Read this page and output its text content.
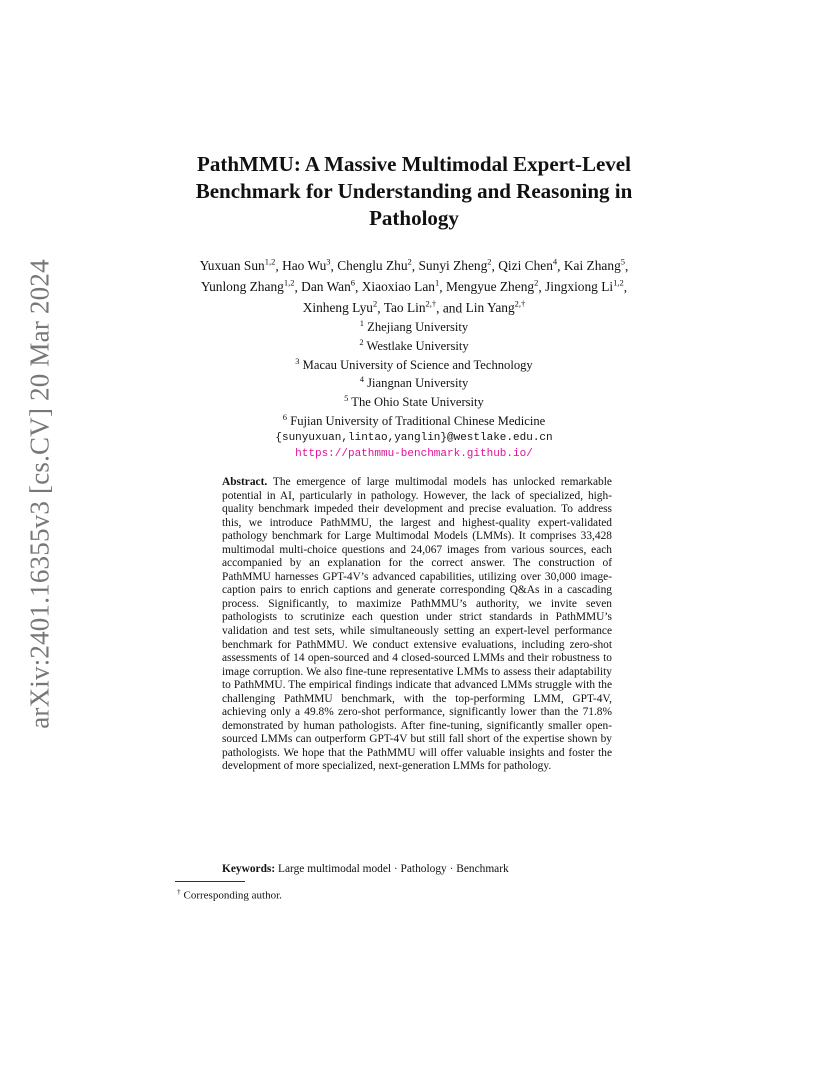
arXiv:2401.16355v3 [cs.CV] 20 Mar 2024
PathMMU: A Massive Multimodal Expert-Level Benchmark for Understanding and Reasoning in Pathology
Yuxuan Sun$^{1,2}$, Hao Wu$^3$, Chenglu Zhu$^2$, Sunyi Zheng$^2$, Qizi Chen$^4$, Kai Zhang$^5$, Yunlong Zhang$^{1,2}$, Dan Wan$^6$, Xiaoxiao Lan$^1$, Mengyue Zheng$^2$, Jingxiong Li$^{1,2}$, Xinheng Lyu$^2$, Tao Lin$^{2,\dagger}$, and Lin Yang$^{2,\dagger}$
$^1$ Zhejiang University
$^2$ Westlake University
$^3$ Macau University of Science and Technology
$^4$ Jiangnan University
$^5$ The Ohio State University
$^6$ Fujian University of Traditional Chinese Medicine
{sunyuxuan,lintao,yanglin}@westlake.edu.cn
https://pathmmu-benchmark.github.io/

Abstract. The emergence of large multimodal models has unlocked remarkable potential in AI, particularly in pathology. However, the lack of specialized, high-quality benchmark impeded their development and precise evaluation. To address this, we introduce PathMMU, the largest and highest-quality expert-validated pathology benchmark for Large Multimodal Models (LMMs). It comprises 33,428 multimodal multi-choice questions and 24,067 images from various sources, each accompanied by an explanation for the correct answer. The construction of PathMMU harnesses GPT-4V’s advanced capabilities, utilizing over 30,000 image-caption pairs to enrich captions and generate corresponding Q&As in a cascading process. Significantly, to maximize PathMMU’s authority, we invite seven pathologists to scrutinize each question under strict standards in PathMMU’s validation and test sets, while simultaneously setting an expert-level performance benchmark for PathMMU. We conduct extensive evaluations, including zero-shot assessments of 14 open-sourced and 4 closed-sourced LMMs and their robustness to image corruption. We also fine-tune representative LMMs to assess their adaptability to PathMMU. The empirical findings indicate that advanced LMMs struggle with the challenging PathMMU benchmark, with the top-performing LMM, GPT-4V, achieving only a 49.8% zero-shot performance, significantly lower than the 71.8% demonstrated by human pathologists. After fine-tuning, significantly smaller open-sourced LMMs can outperform GPT-4V but still fall short of the expertise shown by pathologists. We hope that the PathMMU will offer valuable insights and foster the development of more specialized, next-generation LMMs for pathology.

Keywords: Large multimodal model · Pathology · Benchmark
† Corresponding author.
